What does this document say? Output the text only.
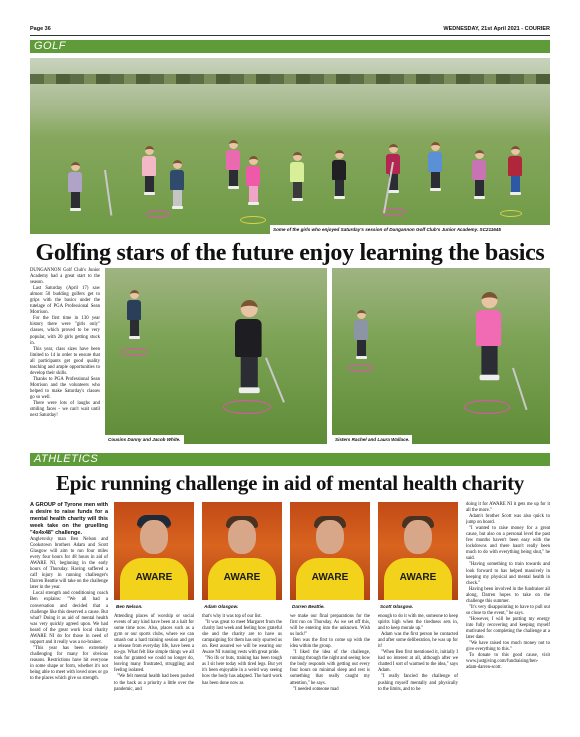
Page 36	WEDNESDAY, 21st April 2021 - COURIER
GOLF
Some of the girls who enjoyed Saturday's session of Dungannon Golf Club's Junior Academy. SC211645
Golfing stars of the future enjoy learning the basics

DUNGANNON Golf Club's Junior Academy had a great start to the season.

Last Saturday (April 17) saw almost 50 budding golfers get to grips with the basics under the tutelage of PGA Professional Sean Morrison.

For the first time in 130 year history there were "girls only" classes, which proved to be very popular, with 20 girls getting stuck in.

This year, class sizes have been limited to 14 in order to ensure that all participants get good quality teaching and ample opportunities to develop their skills.

Thanks to PGA Professional Sean Morrison and the volunteers who helped to make Saturday's classes go so well.

There were lots of laughs and smiling faces - we can't wait until next Saturday!

Cousins Danny and Jacob White.	Sisters Rachel and Laura Wallace.
ATHLETICS
Epic running challenge in aid of mental health charity

A GROUP of Tyrone men with a desire to raise funds for a mental health charity will this week take on the gruelling "4x4x48" challenge.

Anglers/sky man Ben Nelson and Cookstown brothers Adam and Scott Glasgow will aim to run four miles every four hours for 48 hours in aid of AWARE NI, beginning in the early hours of Thursday. Having suffered a calf injury in running challenger's Darren Beattie will take on the challenge later in the year.

Local strength and conditioning coach Ben explains: "We all had a conversation and decided that a challenge like this deserved a cause. But what? Doing it as aid of mental health was very quickly agreed upon. We had heard of the great work local charity AWARE NI do for those in need of support and it really was a no-brainer.

"This year has been extremely challenging for many for obvious reasons. Restrictions have hit everyone in some shape or form, whether it's not being able to meet with loved ones or go to the places which give us strength.

AWARE
Ben Nelson.
AWARE
Adam Glasgow.
AWARE
Darren Beattie.
AWARE
Scott Glasgow.

Attending places of worship or social events of any kind have been at a halt for some time now. Also, places such as a gym or our sports clubs, where we can smash out a hard training session and get a release from everyday life, have been a no-go. What felt like simple things we all took for granted we could no longer do, leaving many frustrated, struggling and feeling isolated.

"We felt mental health had been pushed to the back as a priority a little over the pandemic, and

that's why it was top of our list.

"It was great to meet Margaret from the charity last week and feeling how grateful she and the charity are to have us campaigning for them has only spurred us on. Rest assured we will be wearing our Aware NI running vests with great pride.

"No ifs or buts, training has been tough as I sit here today with tired legs. But yet it's been enjoyable in a weird way seeing how the body has adapted. The hard work has been done now as

we make our final preparations for the first run on Thursday. As we set off this, will be entering into the unknown. Wish us luck!"

Ben was the first to come up with the idea within the group.

"I liked the idea of the challenge, running through the night and seeing how the body responds with getting out every four hours on minimal sleep and rest is something that really caught my attention," he says.

"I needed someone mad

enough to do it with me, someone to keep spirits high when the tiredness sets in, and to keep morale up."

Adam was the first person he contacted and after some deliberation, he was up for it!

"When Ben first mentioned it, initially I had no interest at all, although after we chatted I sort of warmed to the idea," says Adam.

"I really fancied the challenge of pushing myself mentally and physically to the limits, and to be

doing it for AWARE NI it gets me up for it all the more."

Adam's brother Scott was also quick to jump on board.

"I wanted to raise money for a great cause, but also on a personal level the past few months haven't been easy with the lockdowns and there hasn't really been much to do with everything being shut," he said.

"Having something to train towards and look forward to has helped massively in keeping my physical and mental health in check."

Having been involved in the fundraiser all along, Darren hopes to take on the challenge this summer.

"It's very disappointing to have to pull out so close to the event," he says.

"However, I will be putting my energy into fully recovering and keeping myself motivated for completing the challenge at a later date.

"We have raised too much money not to give everything to this."

To donate to this good cause, visit www.justgiving.com/fundraising/ben-adam-darren-scott.
